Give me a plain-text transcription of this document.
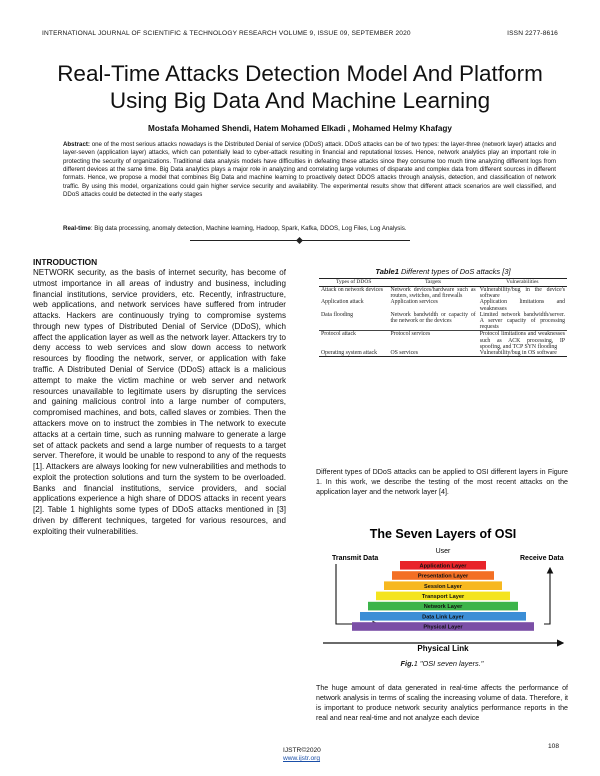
INTERNATIONAL JOURNAL OF SCIENTIFIC & TECHNOLOGY RESEARCH VOLUME 9, ISSUE 09, SEPTEMBER 2020	ISSN 2277-8616
Real-Time Attacks Detection Model And Platform
Using Big Data And Machine Learning
Mostafa Mohamed Shendi, Hatem Mohamed Elkadi , Mohamed Helmy Khafagy
Abstract: one of the most serious attacks nowadays is the Distributed Denial of service (DDoS) attack. DDoS attacks can be of two types: the layer-three (network layer) attacks and layer-seven (application layer) attacks, which can potentially lead to cyber-attack resulting in financial and reputational losses. Hence, network analytics play an important role in protecting the security of organizations. Traditional data analysis models have difficulties in defeating these attacks since they consume too much time analyzing different logs from different devices at the same time. Big Data analytics plays a major role in analyzing and correlating large volumes of disparate and complex data from different sources in different formats. Hence, we propose a model that combines Big Data and machine learning to proactively detect DDOS attacks through analysis, detection, and classification of network traffic. By using this model, organizations could gain higher service security and availability. The experimental results show that different attack scenarios are well classified, and DDoS attacks could be detected in the early stages
Real-time: Big data processing, anomaly detection, Machine learning, Hadoop, Spark, Kafka, DDOS, Log Files, Log Analysis.
INTRODUCTION
NETWORK security, as the basis of internet security, has become of utmost importance in all areas of industry and business, including financial institutions, service providers, etc. Recently, infrastructure, web applications, and network services have suffered from intruder attacks. Hackers are continuously trying to compromise systems through new types of Distributed Denial of Service (DDoS), which affect the application layer as well as the network layer. Attackers try to deny access to web services and slow down access to network resources by flooding the network, server, or application with fake traffic. A Distributed Denial of Service (DDoS) attack is a malicious attempt to make the victim machine or web server and network resources unavailable to legitimate users by disrupting the services and gaining malicious control into a large number of computers, compromised machines, and bots, called slaves or zombies. Then the attackers move on to instruct the zombies in The network to execute attacks at a certain time, such as running malware to generate a large set of attack packets and send a large number of requests to a target server. Therefore, it would be unable to respond to any of the requests [1]. Attackers are always looking for new vulnerabilities and methods to exploit the protection solutions and turn the system to be overloaded. Banks and financial institutions, service providers, and social applications experience a high share of DDOS attacks in recent years [2]. Table 1 highlights some types of DDoS attacks mentioned in [3] driven by different techniques, targeted for various resources, and exploiting their vulnerabilities.
Table1 Different types of DoS attacks [3]
Types of DDOS	Targets	Vulnerabilities
Attack on network devices	Network devices/hardware such as routers, switches, and firewalls	Vulnerability/bug in the device's software
Application attack	Application services	Application limitations and weaknesses
Data flooding	Network bandwidth or capacity of the network or the devices	Limited network bandwidth/server. A server capacity of processing requests
Protocol attack	Protocol services	Protocol limitations and weaknesses such as ACK processing, IP spoofing, and TCP SYN flooding
Operating system attack	OS services	Vulnerability/bug in OS software
Different types of DDoS attacks can be applied to OSI different layers in Figure 1. In this work, we describe the testing of the most recent attacks on the application layer and the network layer [4].
The Seven Layers of OSI
User
Transmit Data	Receive Data
Physical Link
Application Layer
Presentation Layer
Session Layer
Transport Layer
Network Layer
Data Link Layer
Physical Layer
Fig.1 "OSI seven layers."
The huge amount of data generated in real-time affects the performance of network analysis in terms of scaling the increasing volume of data. Therefore, it is important to produce network security analytics performance reports in the real and near real-time and not analyze each device
IJSTR©2020
www.ijstr.org
108
